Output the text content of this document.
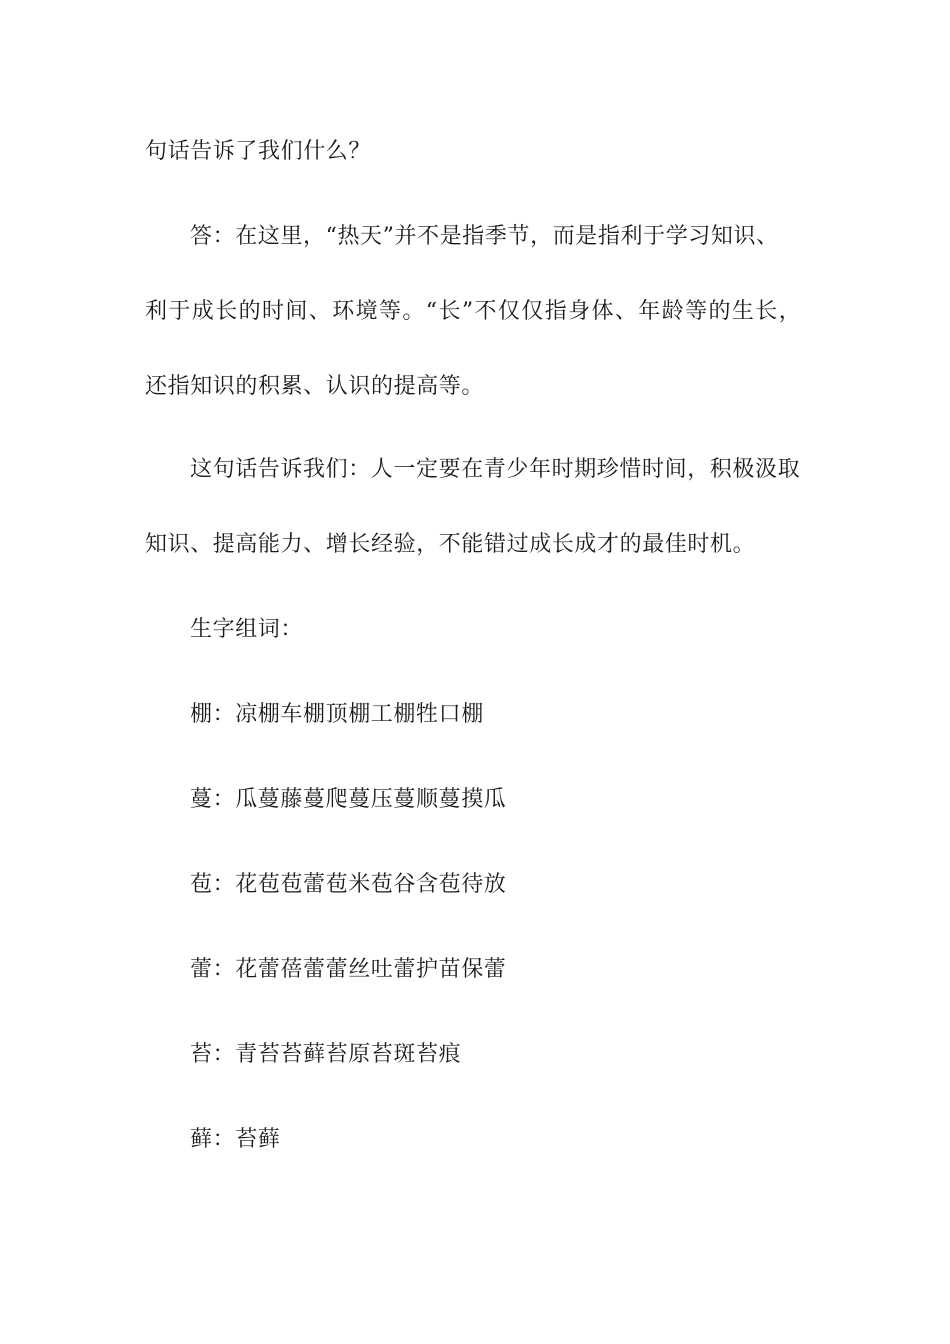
句话告诉了我们什么？
答：在这里，“热天”并不是指季节，而是指利于学习知识、
利于成长的时间、环境等。“长”不仅仅指身体、年龄等的生长，
还指知识的积累、认识的提高等。
这句话告诉我们：人一定要在青少年时期珍惜时间，积极汲取
知识、提高能力、增长经验，不能错过成长成才的最佳时机。
生字组词：
棚：凉棚车棚顶棚工棚牲口棚
蔓：瓜蔓藤蔓爬蔓压蔓顺蔓摸瓜
苞：花苞苞蕾苞米苞谷含苞待放
蕾：花蕾蓓蕾蕾丝吐蕾护苗保蕾
苔：青苔苔藓苔原苔斑苔痕
藓：苔藓
